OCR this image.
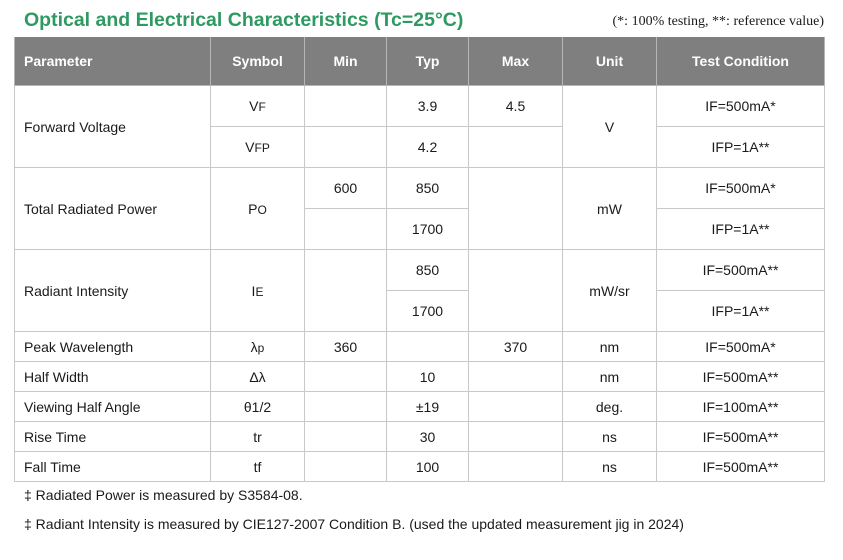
Optical and Electrical Characteristics (Tc=25°C)	(*: 100% testing, **: reference value)
Parameter	Symbol	Min	Typ	Max	Unit	Test Condition
Forward Voltage	VF		3.9	4.5	V	IF=500mA*
	VFP		4.2			IFP=1A**
Total Radiated Power	PO	600	850		mW	IF=500mA*
			1700			IFP=1A**
Radiant Intensity	IE		850		mW/sr	IF=500mA**
			1700			IFP=1A**
Peak Wavelength	λp	360		370	nm	IF=500mA*
Half Width	Δλ		10		nm	IF=500mA**
Viewing Half Angle	θ1/2		±19		deg.	IF=100mA**
Rise Time	tr		30		ns	IF=500mA**
Fall Time	tf		100		ns	IF=500mA**
‡ Radiated Power is measured by S3584-08.
‡ Radiant Intensity is measured by CIE127-2007 Condition B. (used the updated measurement jig in 2024)
